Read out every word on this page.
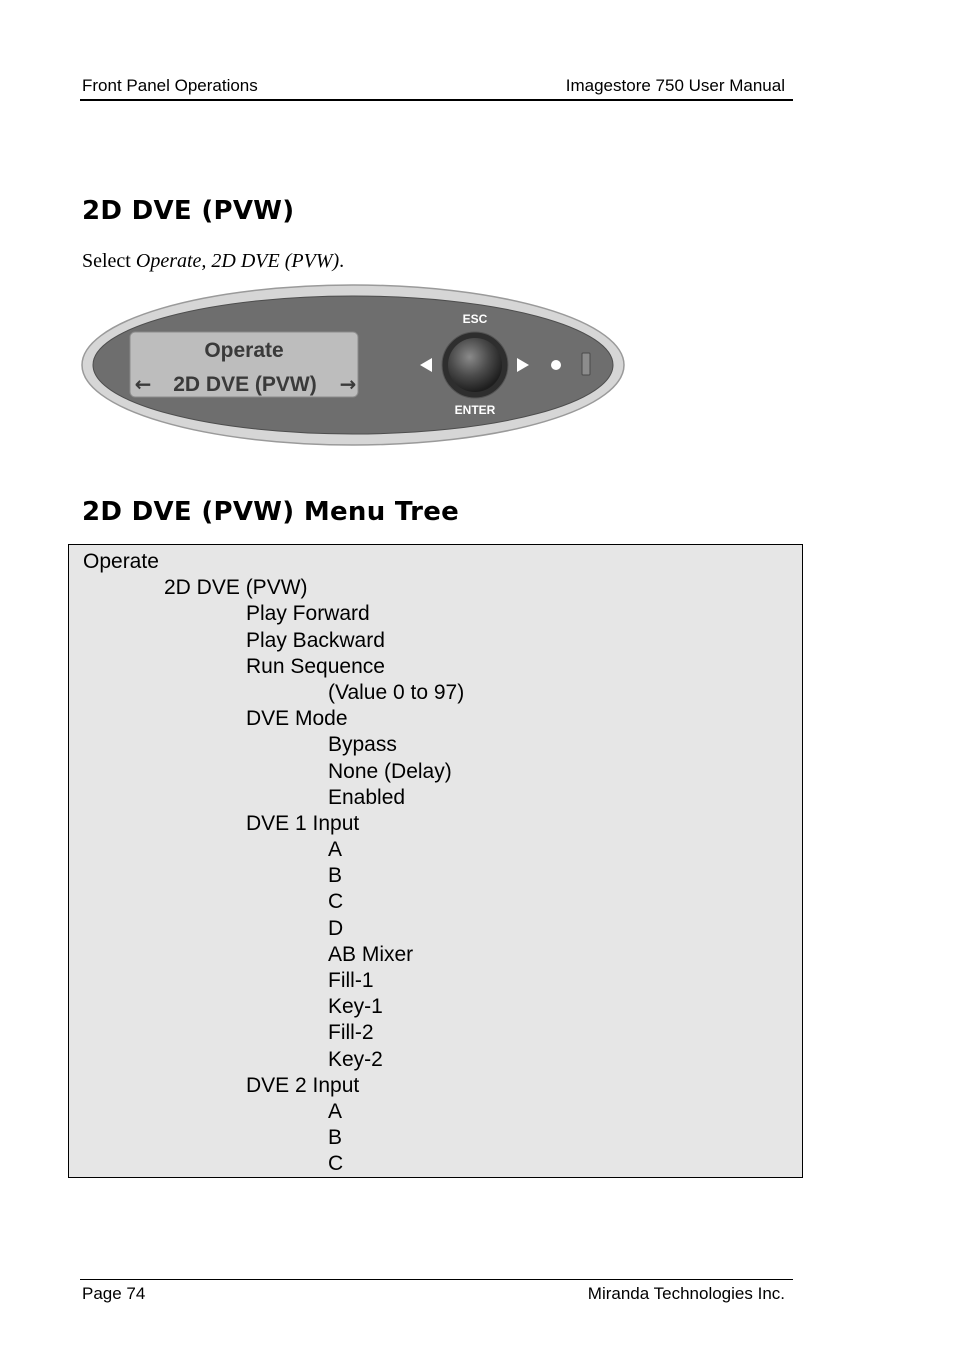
Front Panel Operations	Imagestore 750 User Manual
2D DVE (PVW)

Select Operate, 2D DVE (PVW).

Operate
← 2D DVE (PVW) →
ESC
ENTER
2D DVE (PVW) Menu Tree
Operate
2D DVE (PVW)
Play Forward
Play Backward
Run Sequence
(Value 0 to 97)
DVE Mode
Bypass
None (Delay)
Enabled
DVE 1 Input
A
B
C
D
AB Mixer
Fill-1
Key-1
Fill-2
Key-2
DVE 2 Input
A
B
C
Page 74	Miranda Technologies Inc.
